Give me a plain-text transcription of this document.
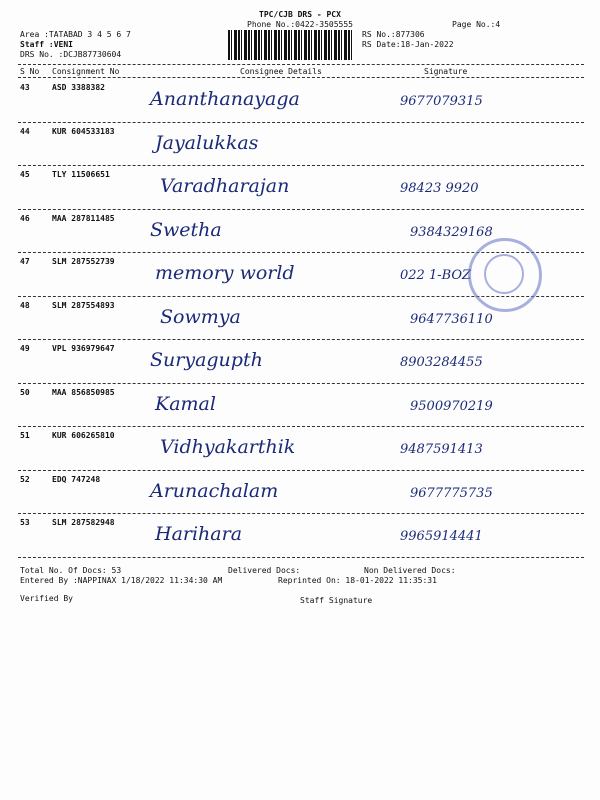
TPC/CJB DRS - PCX
Phone No.:0422-3505555	Page No.:4
Area :TATABAD 3 4 5 6 7
Staff :VENI
DRS No. :DCJB87730604
RS No.:877306
RS Date:18-Jan-2022
S No Consignment No	Consignee Details	Signature
43	ASD 3388382
Ananthanayaga	9677079315
44	KUR 604533183
Jayalukkas
45	TLY 11506651
Varadharajan	98423 9920
46	MAA 287811485
Swetha	9384329168
47	SLM 287552739
memory world	022 1-BOZ
48	SLM 287554893
Sowmya	9647736110
49	VPL 936979647
Suryagupth	8903284455
50	MAA 856850985
Kamal	9500970219
51	KUR 606265810
Vidhyakarthik	9487591413
52	EDQ 747248
Arunachalam	9677775735
53	SLM 287582948
Harihara	9965914441
Total No. Of Docs: 53	Delivered Docs:	Non Delivered Docs:
Entered By :NAPPINAX 1/18/2022 11:34:30 AM	Reprinted On: 18-01-2022 11:35:31
Verified By	Staff Signature
